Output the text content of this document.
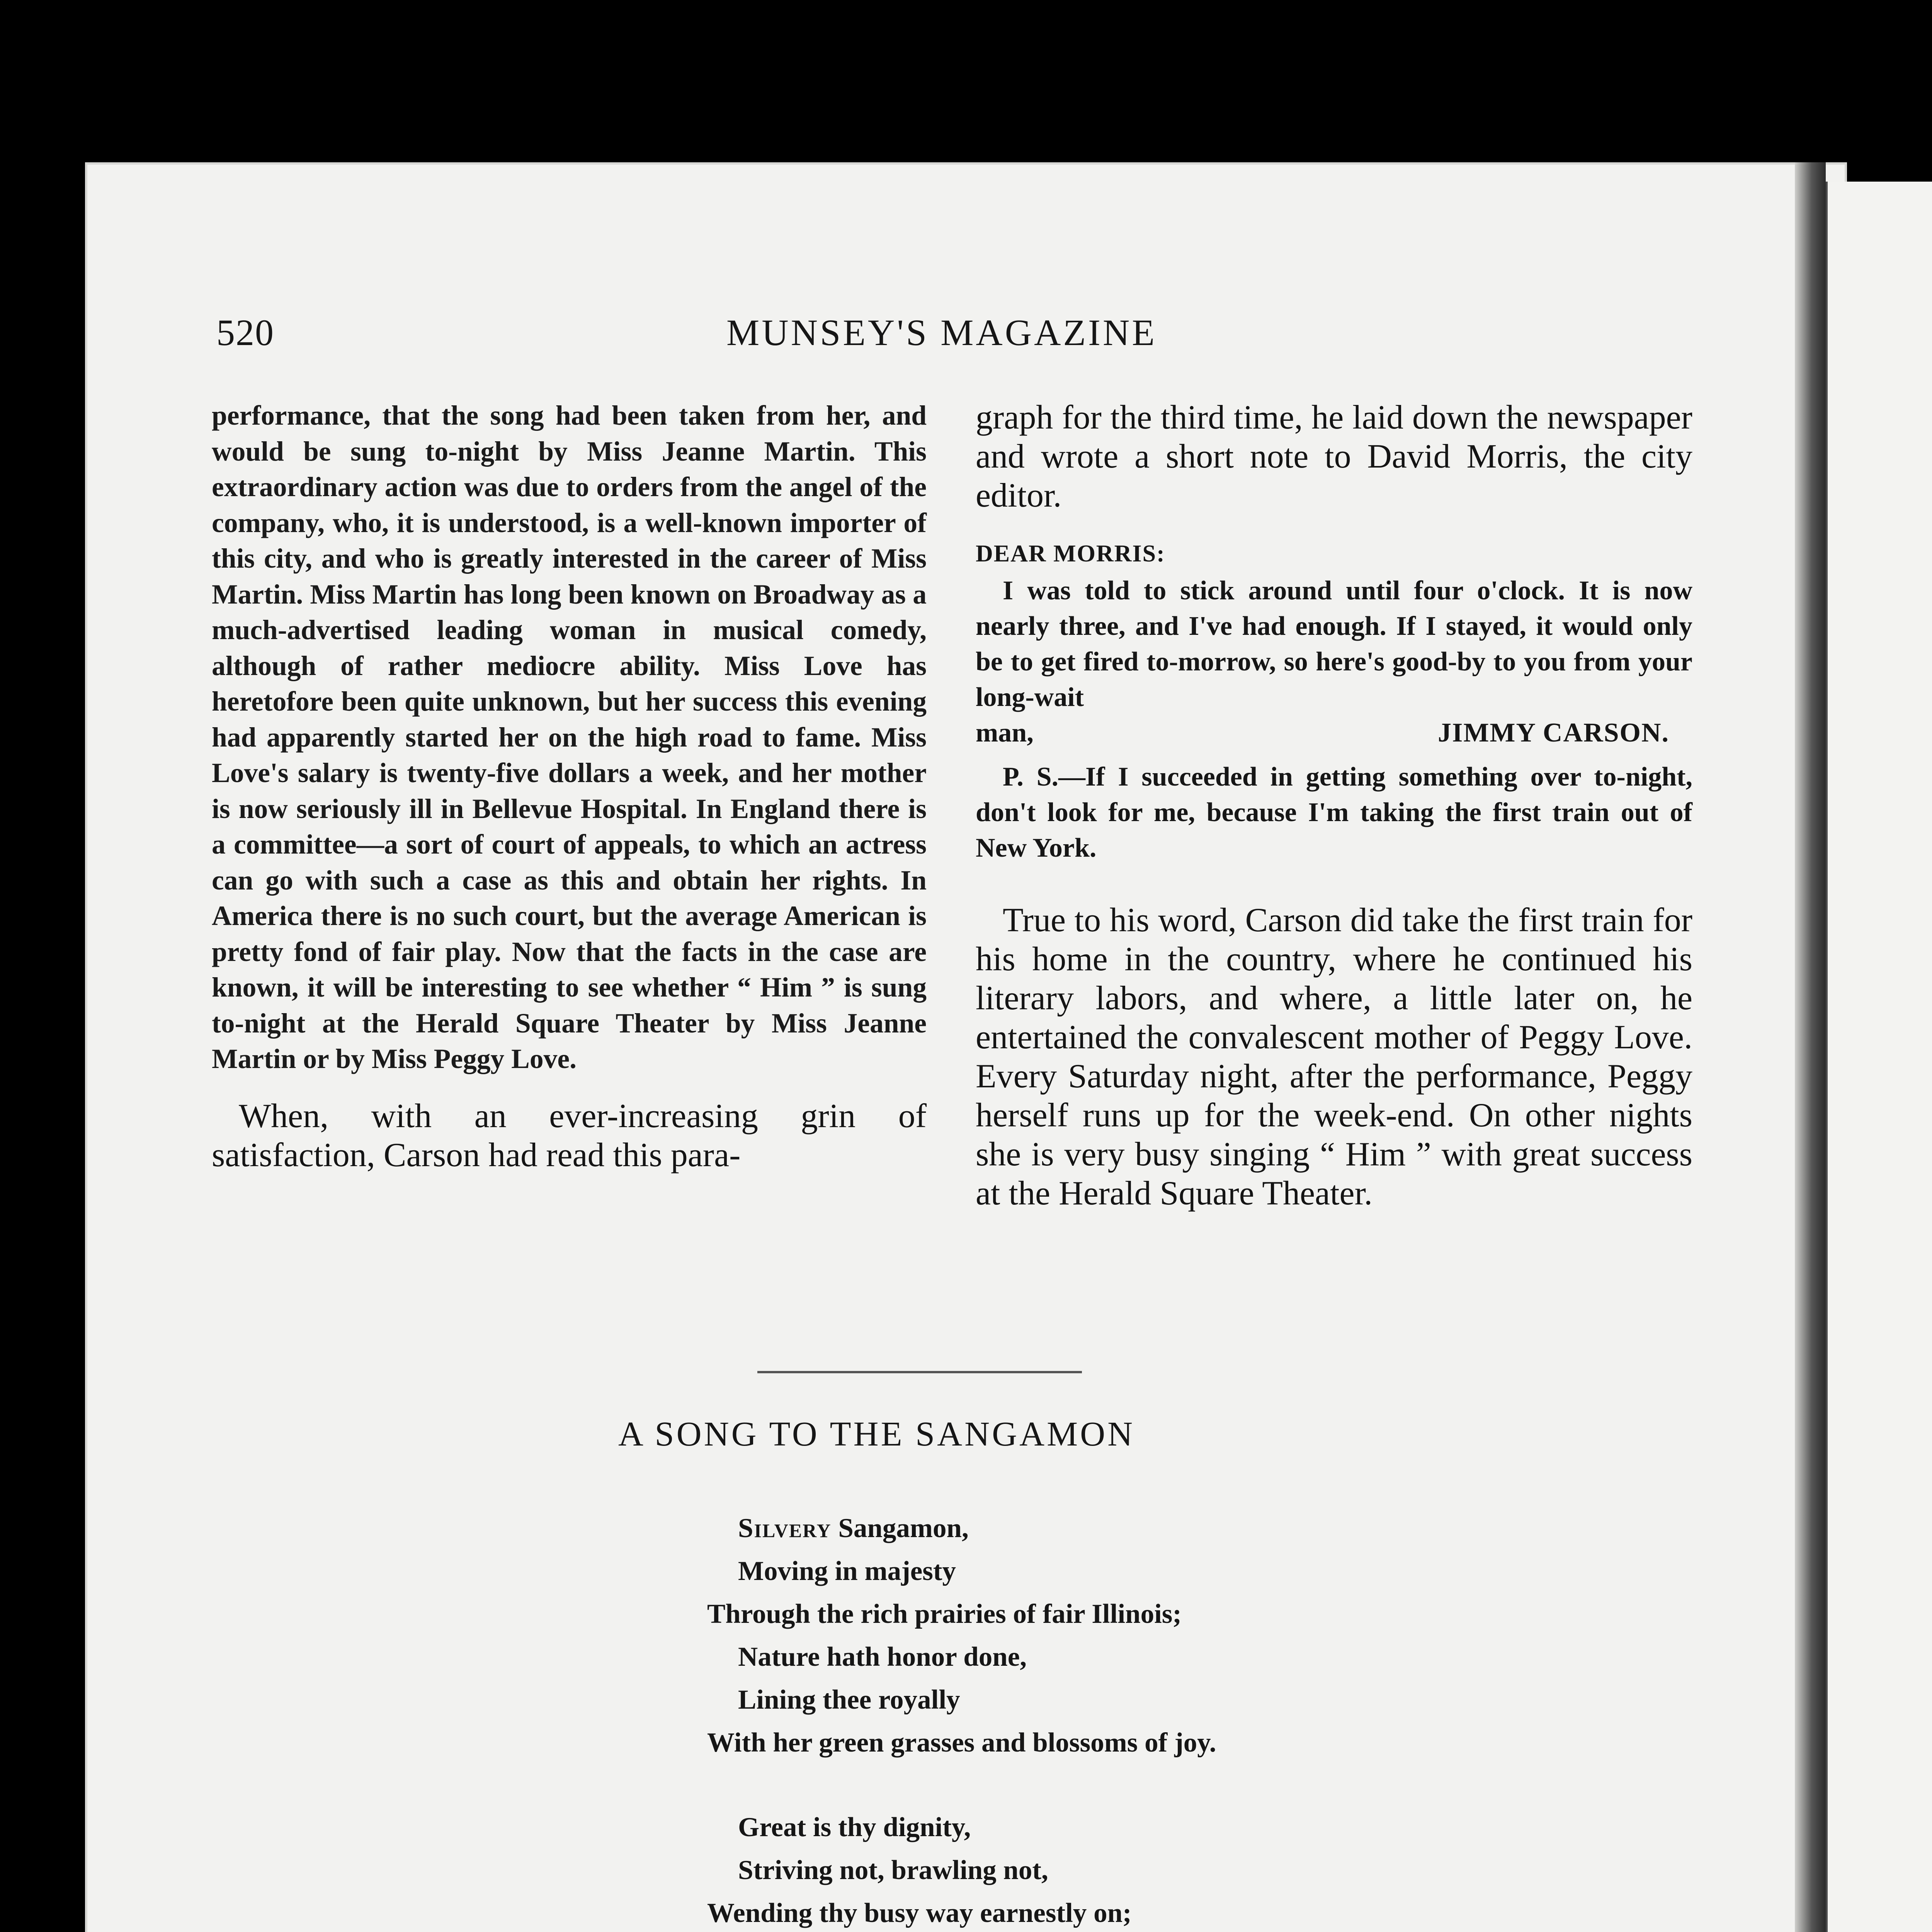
520	MUNSEY'S MAGAZINE

performance, that the song had been taken from her, and would be sung to-night by Miss Jeanne Martin. This extraordinary action was due to orders from the angel of the company, who, it is understood, is a well-known importer of this city, and who is greatly interested in the career of Miss Martin. Miss Martin has long been known on Broadway as a much-advertised leading woman in musical comedy, although of rather mediocre ability. Miss Love has heretofore been quite unknown, but her success this evening had apparently started her on the high road to fame. Miss Love's salary is twenty-five dollars a week, and her mother is now seriously ill in Bellevue Hospital. In England there is a committee—a sort of court of appeals, to which an actress can go with such a case as this and obtain her rights. In America there is no such court, but the average American is pretty fond of fair play. Now that the facts in the case are known, it will be interesting to see whether “ Him ” is sung to-night at the Herald Square Theater by Miss Jeanne Martin or by Miss Peggy Love.

When, with an ever-increasing grin of satisfaction, Carson had read this para-

graph for the third time, he laid down the newspaper and wrote a short note to David Morris, the city editor.

DEAR MORRIS:

I was told to stick around until four o'clock. It is now nearly three, and I've had enough. If I stayed, it would only be to get fired to-morrow, so here's good-by to you from your long-wait

man,	JIMMY CARSON.

P. S.—If I succeeded in getting something over to-night, don't look for me, because I'm taking the first train out of New York.

True to his word, Carson did take the first train for his home in the country, where he continued his literary labors, and where, a little later on, he entertained the convalescent mother of Peggy Love. Every Saturday night, after the performance, Peggy herself runs up for the week-end. On other nights she is very busy singing “ Him ” with great success at the Herald Square Theater.

A SONG TO THE SANGAMON
Silvery Sangamon,
Moving in majesty
Through the rich prairies of fair Illinois;
Nature hath honor done,
Lining thee royally
With her green grasses and blossoms of joy.
Great is thy dignity,
Striving not, brawling not,
Wending thy busy way earnestly on;
